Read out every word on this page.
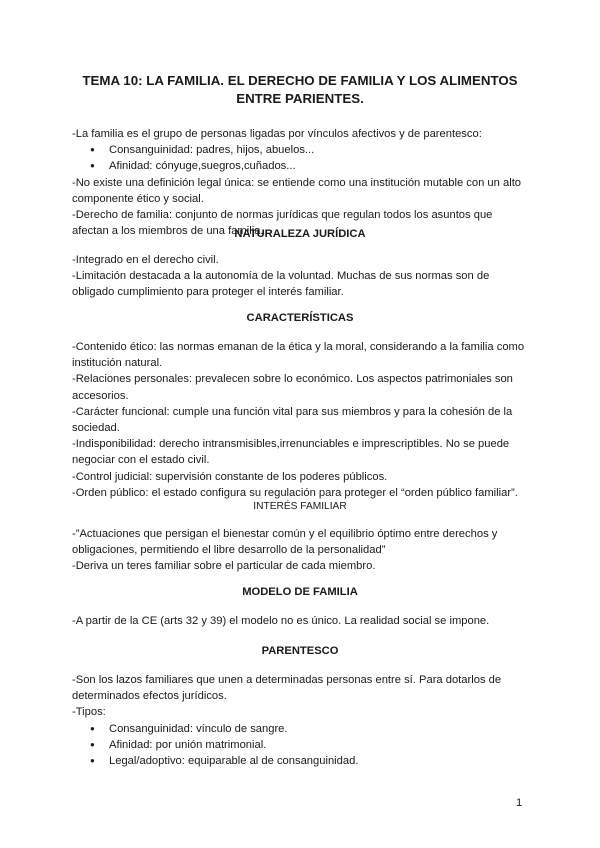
TEMA 10: LA FAMILIA. EL DERECHO DE FAMILIA Y LOS ALIMENTOS ENTRE PARIENTES.

-La familia es el grupo de personas ligadas por vínculos afectivos y de parentesco:

● Consanguinidad: padres, hijos, abuelos...
● Afinidad: cónyuge,suegros,cuñados...

-No existe una definición legal única: se entiende como una institución mutable con un alto componente ético y social.

-Derecho de familia: conjunto de normas jurídicas que regulan todos los asuntos que afectan a los miembros de una familia.

NATURALEZA JURÍDICA

-Integrado en el derecho civil.

-Limitación destacada a la autonomía de la voluntad. Muchas de sus normas son de obligado cumplimiento para proteger el interés familiar.

CARACTERÍSTICAS

-Contenido ético: las normas emanan de la ética y la moral, considerando a la familia como institución natural.

-Relaciones personales: prevalecen sobre lo económico. Los aspectos patrimoniales son accesorios.

-Carácter funcional: cumple una función vital para sus miembros y para la cohesión de la sociedad.

-Indisponibilidad: derecho intransmisibles,irrenunciables e imprescriptibles. No se puede negociar con el estado civil.

-Control judicial: supervisión constante de los poderes públicos.

-Orden público: el estado configura su regulación para proteger el “orden público familiar”.

INTERÉS FAMILIAR

-”Actuaciones que persigan el bienestar común y el equilibrio óptimo entre derechos y obligaciones, permitiendo el libre desarrollo de la personalidad”

-Deriva un teres familiar sobre el particular de cada miembro.

MODELO DE FAMILIA

-A partir de la CE (arts 32 y 39) el modelo no es único. La realidad social se impone.

PARENTESCO

-Son los lazos familiares que unen a determinadas personas entre sí. Para dotarlos de determinados efectos jurídicos.

-Tipos:

● Consanguinidad: vínculo de sangre.
● Afinidad: por unión matrimonial.
● Legal/adoptivo: equiparable al de consanguinidad.
1
